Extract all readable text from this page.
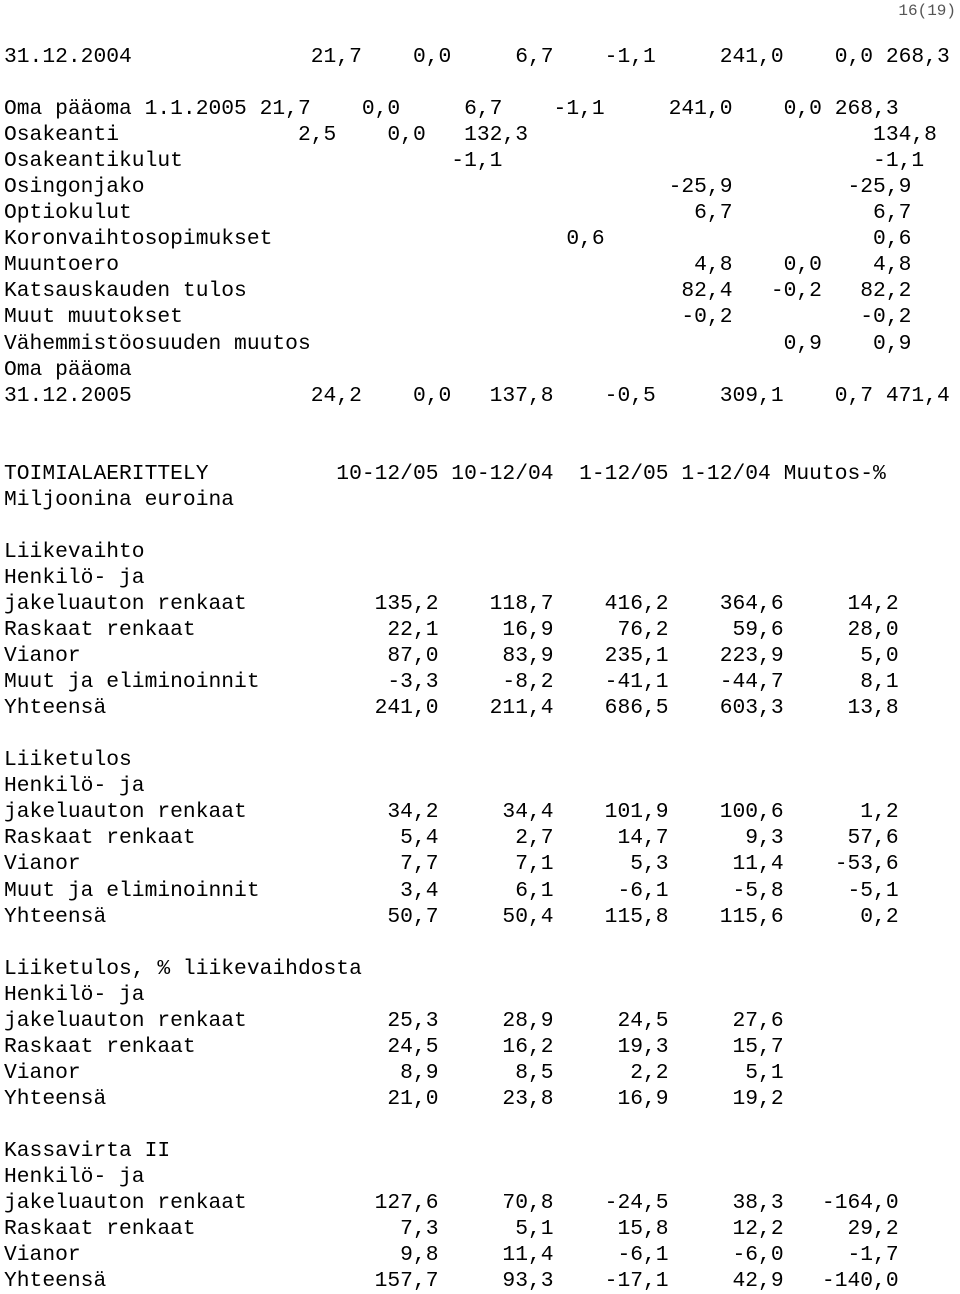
16(19)
31.12.2004              21,7    0,0     6,7    -1,1     241,0    0,0 268,3

Oma pääoma 1.1.2005 21,7    0,0     6,7    -1,1     241,0    0,0 268,3
Osakeanti              2,5    0,0   132,3                           134,8
Osakeantikulut                     -1,1                             -1,1
Osingonjako                                         -25,9         -25,9
Optiokulut                                            6,7           6,7
Koronvaihtosopimukset                       0,6                     0,6
Muuntoero                                             4,8    0,0    4,8
Katsauskauden tulos                                  82,4   -0,2   82,2
Muut muutokset                                       -0,2          -0,2
Vähemmistöosuuden muutos                                     0,9    0,9
Oma pääoma
31.12.2005              24,2    0,0   137,8    -0,5     309,1    0,7 471,4

TOIMIALAERITTELY          10-12/05 10-12/04  1-12/05 1-12/04 Muutos-%
Miljoonina euroina

Liikevaihto
Henkilö- ja
jakeluauton renkaat          135,2    118,7    416,2    364,6     14,2
Raskaat renkaat               22,1     16,9     76,2     59,6     28,0
Vianor                        87,0     83,9    235,1    223,9      5,0
Muut ja eliminoinnit          -3,3     -8,2    -41,1    -44,7      8,1
Yhteensä                     241,0    211,4    686,5    603,3     13,8

Liiketulos
Henkilö- ja
jakeluauton renkaat           34,2     34,4    101,9    100,6      1,2
Raskaat renkaat                5,4      2,7     14,7      9,3     57,6
Vianor                         7,7      7,1      5,3     11,4    -53,6
Muut ja eliminoinnit           3,4      6,1     -6,1     -5,8     -5,1
Yhteensä                      50,7     50,4    115,8    115,6      0,2

Liiketulos, % liikevaihdosta
Henkilö- ja
jakeluauton renkaat           25,3     28,9     24,5     27,6
Raskaat renkaat               24,5     16,2     19,3     15,7
Vianor                         8,9      8,5      2,2      5,1
Yhteensä                      21,0     23,8     16,9     19,2

Kassavirta II
Henkilö- ja
jakeluauton renkaat          127,6     70,8    -24,5     38,3   -164,0
Raskaat renkaat                7,3      5,1     15,8     12,2     29,2
Vianor                         9,8     11,4     -6,1     -6,0     -1,7
Yhteensä                     157,7     93,3    -17,1     42,9   -140,0
